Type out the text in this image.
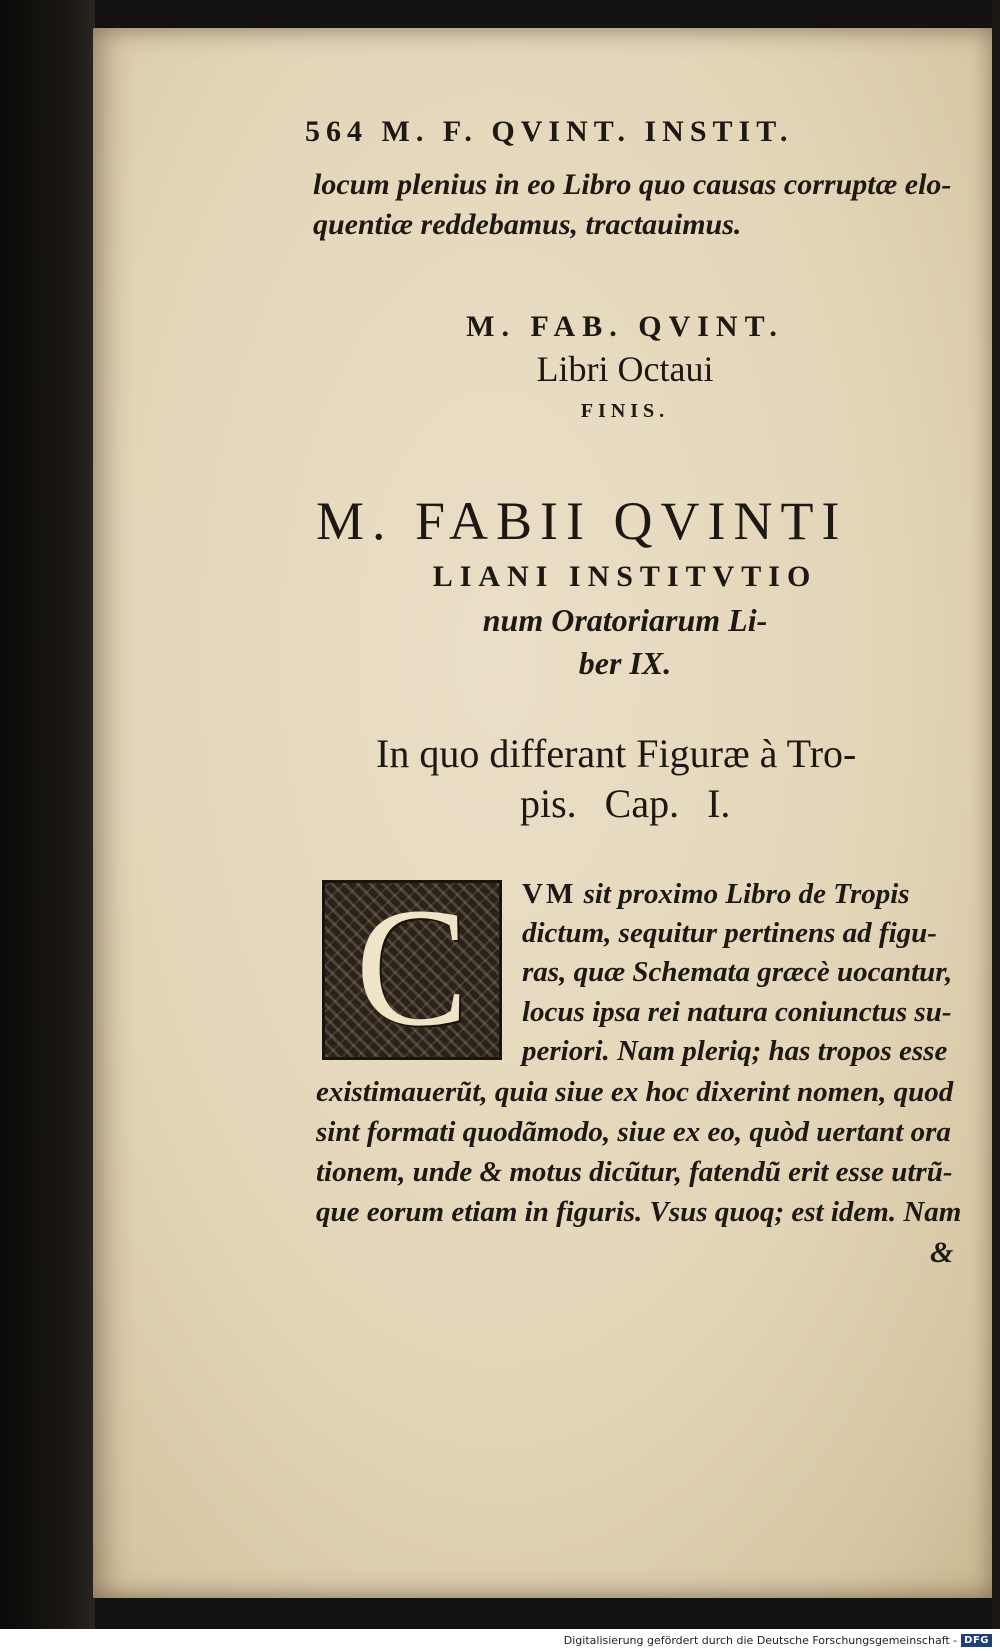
564 M. F. QVINT. INSTIT.
locum plenius in eo Libro quo causas corruptæ elo-
quentiæ reddebamus, tractauimus.
M. FAB. QVINT.
Libri Octaui
FINIS.
M. FABII QVINTI
LIANI INSTITVTIO
num Oratoriarum Li-
ber IX.
In quo differant Figuræ à Tro-
pis. Cap. I.
C VM sit proximo Libro de Tropis
dictum, sequitur pertinens ad figu-
ras, quæ Schemata græcè uocantur,
locus ipsa rei natura coniunctus su-
periori. Nam pleriq; has tropos esse
existimauerũt, quia siue ex hoc dixerint nomen, quod
sint formati quodãmodo, siue ex eo, quòd uertant ora
tionem, unde & motus dicũtur, fatendũ erit esse utrũ-
que eorum etiam in figuris. Vsus quoq; est idem. Nam
&
Digitalisierung gefördert durch die Deutsche Forschungsgemeinschaft - DFG
